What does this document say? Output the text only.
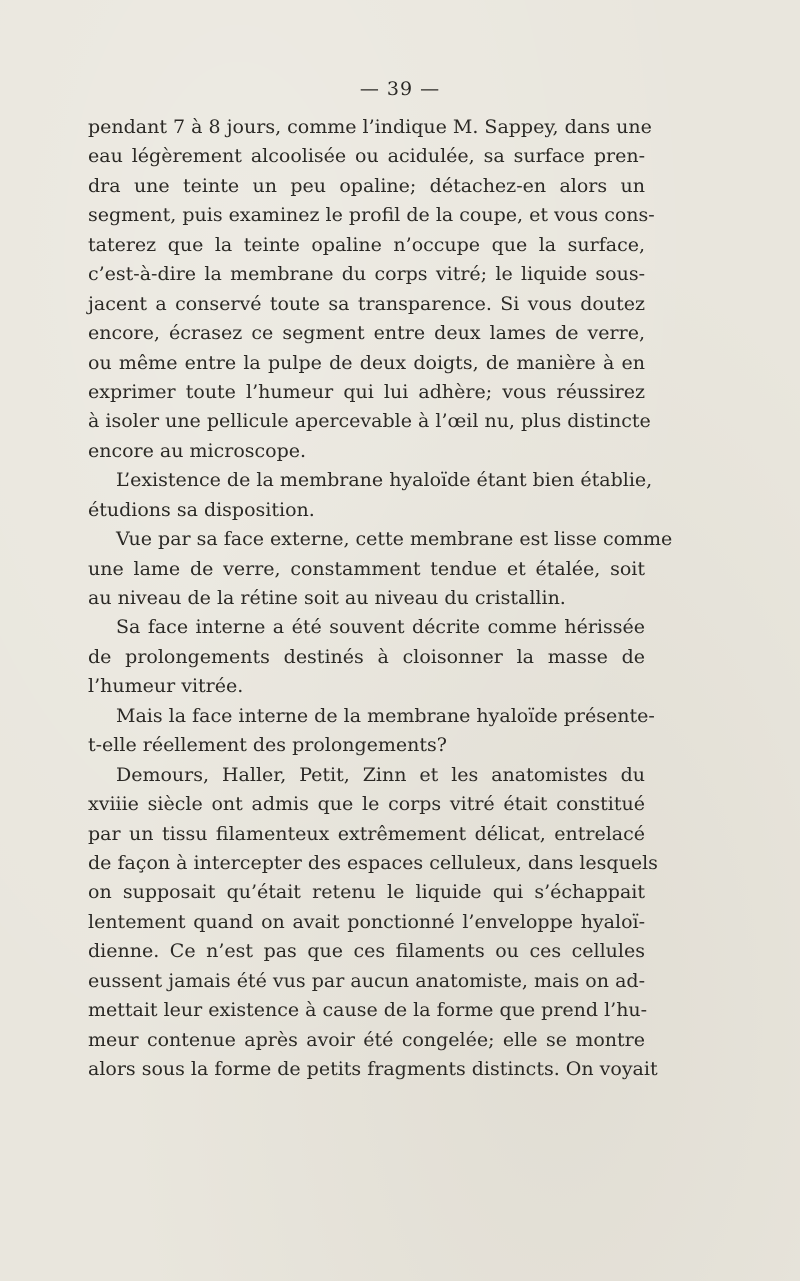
— 39 —
pendant 7 à 8 jours, comme l’indique M. Sappey, dans une
eau légèrement alcoolisée ou acidulée, sa surface pren-
dra une teinte un peu opaline; détachez-en alors un
segment, puis examinez le profil de la coupe, et vous cons-
taterez que la teinte opaline n’occupe que la surface,
c’est-à-dire la membrane du corps vitré; le liquide sous-
jacent a conservé toute sa transparence. Si vous doutez
encore, écrasez ce segment entre deux lames de verre,
ou même entre la pulpe de deux doigts, de manière à en
exprimer toute l’humeur qui lui adhère; vous réussirez
à isoler une pellicule apercevable à l’œil nu, plus distincte
encore au microscope.
L’existence de la membrane hyaloïde étant bien établie,
étudions sa disposition.
Vue par sa face externe, cette membrane est lisse comme
une lame de verre, constamment tendue et étalée, soit
au niveau de la rétine soit au niveau du cristallin.
Sa face interne a été souvent décrite comme hérissée
de prolongements destinés à cloisonner la masse de
l’humeur vitrée.
Mais la face interne de la membrane hyaloïde présente-
t-elle réellement des prolongements?
Demours, Haller, Petit, Zinn et les anatomistes du
xviiie siècle ont admis que le corps vitré était constitué
par un tissu filamenteux extrêmement délicat, entrelacé
de façon à intercepter des espaces celluleux, dans lesquels
on supposait qu’était retenu le liquide qui s’échappait
lentement quand on avait ponctionné l’enveloppe hyaloï-
dienne. Ce n’est pas que ces filaments ou ces cellules
eussent jamais été vus par aucun anatomiste, mais on ad-
mettait leur existence à cause de la forme que prend l’hu-
meur contenue après avoir été congelée; elle se montre
alors sous la forme de petits fragments distincts. On voyait
